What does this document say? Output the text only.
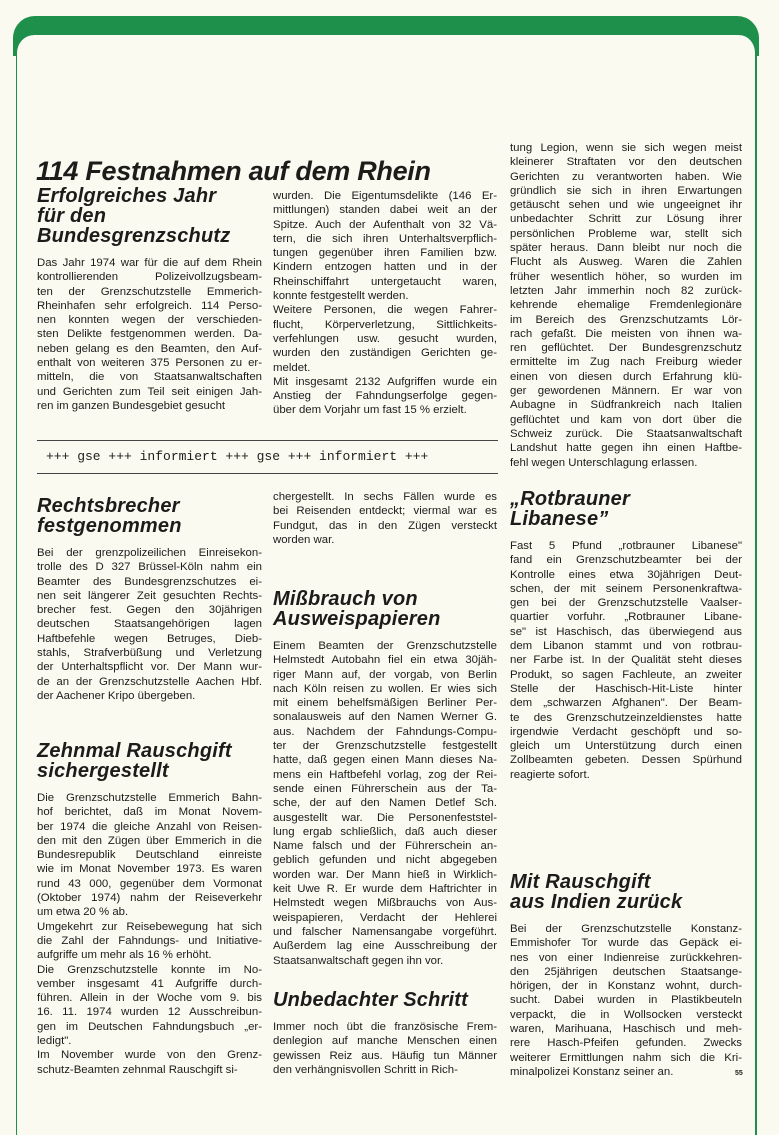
114 Festnahmen auf dem Rhein
+++ gse +++ informiert +++ gse +++ informiert +++
Erfolgreiches Jahr
für den
Bundesgrenzschutz
Das Jahr 1974 war für die auf dem Rhein
kontrollierenden Polizeivollzugsbeam-
ten der Grenzschutzstelle Emmerich-
Rheinhafen sehr erfolgreich. 114 Perso-
nen konnten wegen der verschieden-
sten Delikte festgenommen werden. Da-
neben gelang es den Beamten, den Auf-
enthalt von weiteren 375 Personen zu er-
mitteln, die von Staatsanwaltschaften
und Gerichten zum Teil seit einigen Jah-
ren im ganzen Bundesgebiet gesucht
wurden. Die Eigentumsdelikte (146 Er-
mittlungen) standen dabei weit an der
Spitze. Auch der Aufenthalt von 32 Vä-
tern, die sich ihren Unterhaltsverpflich-
tungen gegenüber ihren Familien bzw.
Kindern entzogen hatten und in der
Rheinschiffahrt untergetaucht waren,
konnte festgestellt werden.
Weitere Personen, die wegen Fahrer-
flucht, Körperverletzung, Sittlichkeits-
verfehlungen usw. gesucht wurden,
wurden den zuständigen Gerichten ge-
meldet.
Mit insgesamt 2132 Aufgriffen wurde ein
Anstieg der Fahndungserfolge gegen-
über dem Vorjahr um fast 15 % erzielt.
tung Legion, wenn sie sich wegen meist
kleinerer Straftaten vor den deutschen
Gerichten zu verantworten haben. Wie
gründlich sie sich in ihren Erwartungen
getäuscht sehen und wie ungeeignet ihr
unbedachter Schritt zur Lösung ihrer
persönlichen Probleme war, stellt sich
später heraus. Dann bleibt nur noch die
Flucht als Ausweg. Waren die Zahlen
früher wesentlich höher, so wurden im
letzten Jahr immerhin noch 82 zurück-
kehrende ehemalige Fremdenlegionäre
im Bereich des Grenzschutzamts Lör-
rach gefaßt. Die meisten von ihnen wa-
ren geflüchtet. Der Bundesgrenzschutz
ermittelte im Zug nach Freiburg wieder
einen von diesen durch Erfahrung klü-
ger gewordenen Männern. Er war von
Aubagne in Südfrankreich nach Italien
geflüchtet und kam von dort über die
Schweiz zurück. Die Staatsanwaltschaft
Landshut hatte gegen ihn einen Haftbe-
fehl wegen Unterschlagung erlassen.
Rechtsbrecher
festgenommen
Bei der grenzpolizeilichen Einreisekon-
trolle des D 327 Brüssel-Köln nahm ein
Beamter des Bundesgrenzschutzes ei-
nen seit längerer Zeit gesuchten Rechts-
brecher fest. Gegen den 30jährigen
deutschen Staatsangehörigen lagen
Haftbefehle wegen Betruges, Dieb-
stahls, Strafverbüßung und Verletzung
der Unterhaltspflicht vor. Der Mann wur-
de an der Grenzschutzstelle Aachen Hbf.
der Aachener Kripo übergeben.
Zehnmal Rauschgift
sichergestellt
Die Grenzschutzstelle Emmerich Bahn-
hof berichtet, daß im Monat Novem-
ber 1974 die gleiche Anzahl von Reisen-
den mit den Zügen über Emmerich in die
Bundesrepublik Deutschland einreiste
wie im Monat November 1973. Es waren
rund 43 000, gegenüber dem Vormonat
(Oktober 1974) nahm der Reiseverkehr
um etwa 20 % ab.
Umgekehrt zur Reisebewegung hat sich
die Zahl der Fahndungs- und Initiative-
aufgriffe um mehr als 16 % erhöht.
Die Grenzschutzstelle konnte im No-
vember insgesamt 41 Aufgriffe durch-
führen. Allein in der Woche vom 9. bis
16. 11. 1974 wurden 12 Ausschreibun-
gen im Deutschen Fahndungsbuch „er-
ledigt".
Im November wurde von den Grenz-
schutz-Beamten zehnmal Rauschgift si-
chergestellt. In sechs Fällen wurde es
bei Reisenden entdeckt; viermal war es
Fundgut, das in den Zügen versteckt
worden war.
Mißbrauch von
Ausweispapieren
Einem Beamten der Grenzschutzstelle
Helmstedt Autobahn fiel ein etwa 30jäh-
riger Mann auf, der vorgab, von Berlin
nach Köln reisen zu wollen. Er wies sich
mit einem behelfsmäßigen Berliner Per-
sonalausweis auf den Namen Werner G.
aus. Nachdem der Fahndungs-Compu-
ter der Grenzschutzstelle festgestellt
hatte, daß gegen einen Mann dieses Na-
mens ein Haftbefehl vorlag, zog der Rei-
sende einen Führerschein aus der Ta-
sche, der auf den Namen Detlef Sch.
ausgestellt war. Die Personenfeststel-
lung ergab schließlich, daß auch dieser
Name falsch und der Führerschein an-
geblich gefunden und nicht abgegeben
worden war. Der Mann hieß in Wirklich-
keit Uwe R. Er wurde dem Haftrichter in
Helmstedt wegen Mißbrauchs von Aus-
weispapieren, Verdacht der Hehlerei
und falscher Namensangabe vorgeführt.
Außerdem lag eine Ausschreibung der
Staatsanwaltschaft gegen ihn vor.
Unbedachter Schritt
Immer noch übt die französische Frem-
denlegion auf manche Menschen einen
gewissen Reiz aus. Häufig tun Männer
den verhängnisvollen Schritt in Rich-
„Rotbrauner
Libanese”
Fast 5 Pfund „rotbrauner Libanese"
fand ein Grenzschutzbeamter bei der
Kontrolle eines etwa 30jährigen Deut-
schen, der mit seinem Personenkraftwa-
gen bei der Grenzschutzstelle Vaalser-
quartier vorfuhr. „Rotbrauner Libane-
se" ist Haschisch, das überwiegend aus
dem Libanon stammt und von rotbrau-
ner Farbe ist. In der Qualität steht dieses
Produkt, so sagen Fachleute, an zweiter
Stelle der Haschisch-Hit-Liste hinter
dem „schwarzen Afghanen". Der Beam-
te des Grenzschutzeinzeldienstes hatte
irgendwie Verdacht geschöpft und so-
gleich um Unterstützung durch einen
Zollbeamten gebeten. Dessen Spürhund
reagierte sofort.
Mit Rauschgift
aus Indien zurück
Bei der Grenzschutzstelle Konstanz-
Emmishofer Tor wurde das Gepäck ei-
nes von einer Indienreise zurückkehren-
den 25jährigen deutschen Staatsange-
hörigen, der in Konstanz wohnt, durch-
sucht. Dabei wurden in Plastikbeuteln
verpackt, die in Wollsocken versteckt
waren, Marihuana, Haschisch und meh-
rere Hasch-Pfeifen gefunden. Zwecks
weiterer Ermittlungen nahm sich die Kri-
minalpolizei Konstanz seiner an.	55
